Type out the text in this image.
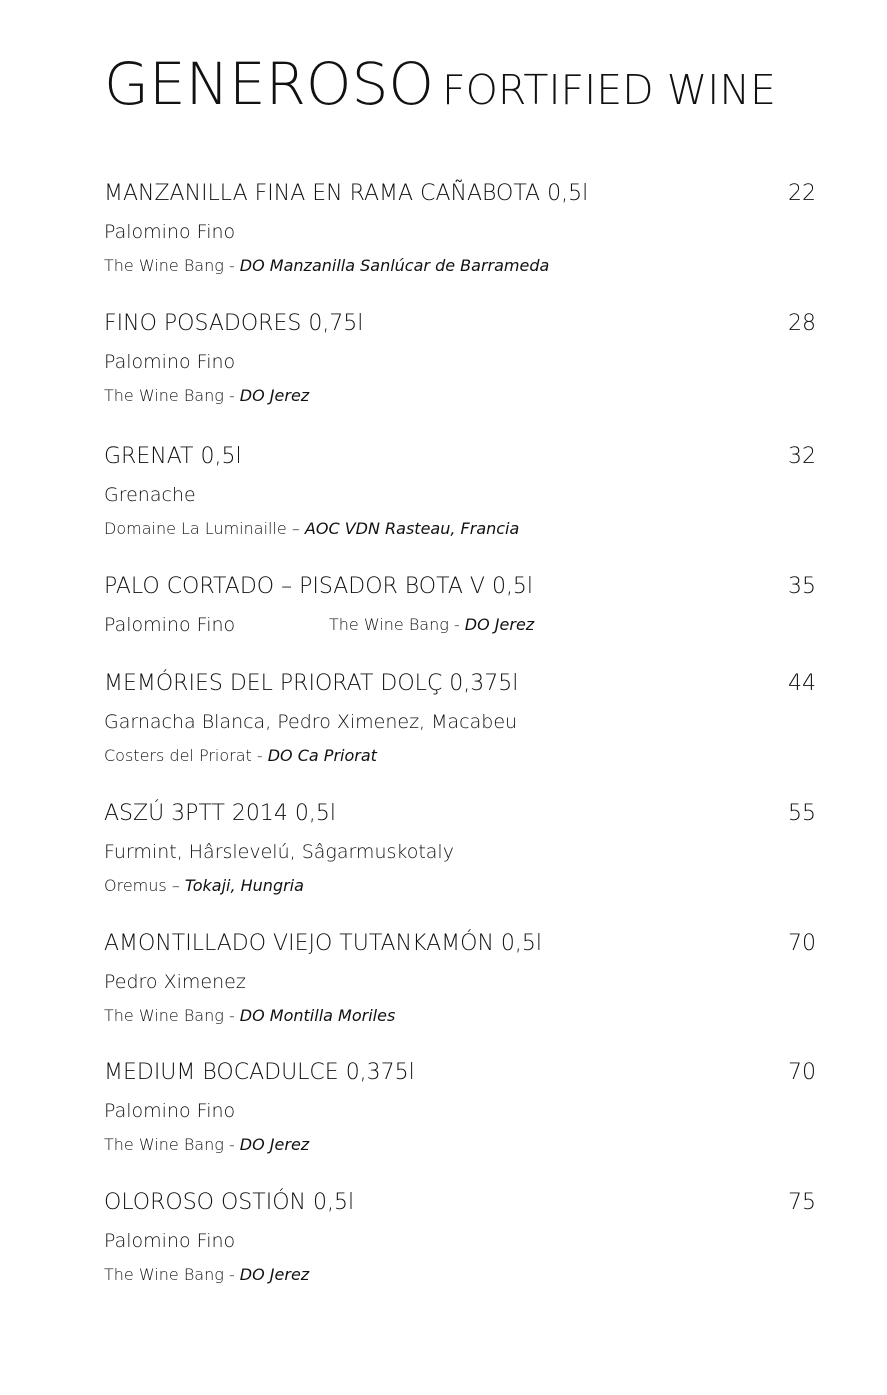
GENEROSO FORTIFIED WINE
MANZANILLA FINA EN RAMA CAÑABOTA 0,5l	22
Palomino Fino
The Wine Bang - DO Manzanilla Sanlúcar de Barrameda
FINO POSADORES 0,75l	28
Palomino Fino
The Wine Bang - DO Jerez
GRENAT 0,5l	32
Grenache
Domaine La Luminaille – AOC VDN Rasteau, Francia
PALO CORTADO – PISADOR BOTA V 0,5l	35
Palomino Fino	The Wine Bang - DO Jerez
MEMÓRIES DEL PRIORAT DOLÇ 0,375l	44
Garnacha Blanca, Pedro Ximenez, Macabeu
Costers del Priorat - DO Ca Priorat
ASZÚ 3PTT 2014 0,5l	55
Furmint, Hârslevelú, Sâgarmuskotaly
Oremus – Tokaji, Hungria
AMONTILLADO VIEJO TUTANKAMÓN 0,5l	70
Pedro Ximenez
The Wine Bang - DO Montilla Moriles
MEDIUM BOCADULCE 0,375l	70
Palomino Fino
The Wine Bang - DO Jerez
OLOROSO OSTIÓN 0,5l	75
Palomino Fino
The Wine Bang - DO Jerez
